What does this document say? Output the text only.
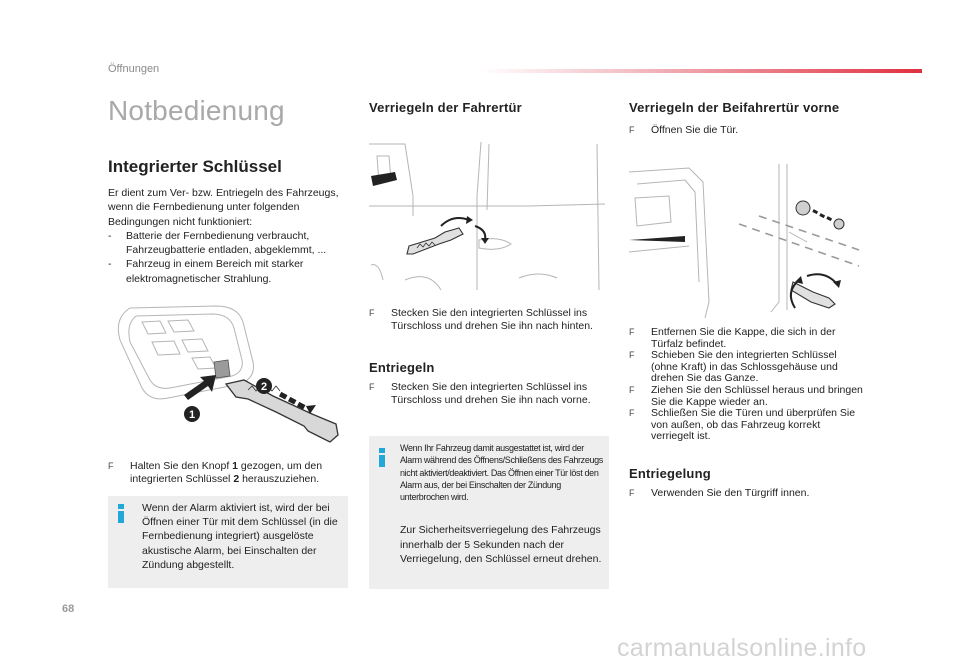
Öffnungen
Notbedienung
Integrierter Schlüssel
Er dient zum Ver- bzw. Entriegeln des Fahrzeugs, wenn die Fernbedienung unter folgenden Bedingungen nicht funktioniert:
-	Batterie der Fernbedienung verbraucht, Fahrzeugbatterie entladen, abgeklemmt, ...
-	Fahrzeug in einem Bereich mit starker elektromagnetischer Strahlung.
1
2
F	Halten Sie den Knopf 1 gezogen, um den integrierten Schlüssel 2 herauszuziehen.
Wenn der Alarm aktiviert ist, wird der bei Öffnen einer Tür mit dem Schlüssel (in die Fernbedienung integriert) ausgelöste akustische Alarm, bei Einschalten der Zündung abgestellt.
Verriegeln der Fahrertür
F	Stecken Sie den integrierten Schlüssel ins Türschloss und drehen Sie ihn nach hinten.
Entriegeln
F	Stecken Sie den integrierten Schlüssel ins Türschloss und drehen Sie ihn nach vorne.
Wenn Ihr Fahrzeug damit ausgestattet ist, wird der Alarm während des Öffnens/Schließens des Fahrzeugs nicht aktiviert/deaktiviert. Das Öffnen einer Tür löst den Alarm aus, der bei Einschalten der Zündung unterbrochen wird.
Zur Sicherheitsverriegelung des Fahrzeugs innerhalb der 5 Sekunden nach der Verriegelung, den Schlüssel erneut drehen.
Verriegeln der Beifahrertür vorne
F	Öffnen Sie die Tür.
F	Entfernen Sie die Kappe, die sich in der Türfalz befindet.
F	Schieben Sie den integrierten Schlüssel (ohne Kraft) in das Schlossgehäuse und drehen Sie das Ganze.
F	Ziehen Sie den Schlüssel heraus und bringen Sie die Kappe wieder an.
F	Schließen Sie die Türen und überprüfen Sie von außen, ob das Fahrzeug korrekt verriegelt ist.
Entriegelung
F	Verwenden Sie den Türgriff innen.
68
carmanualsonline.info
